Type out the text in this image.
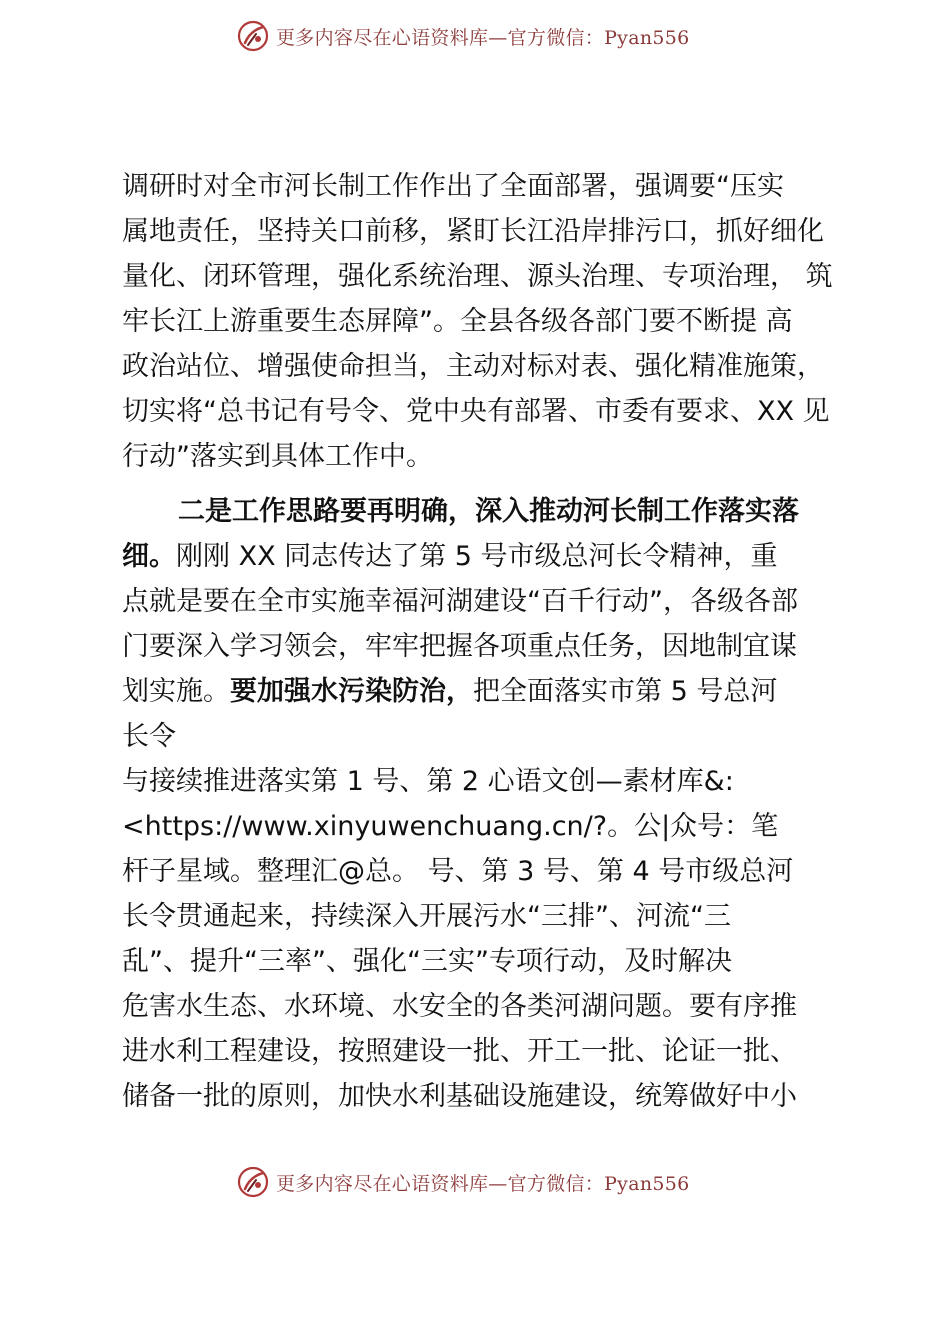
更多内容尽在心语资料库—官方微信：Pyan556
调研时对全市河长制工作作出了全面部署，强调要“压实
属地责任，坚持关口前移，紧盯长江沿岸排污口，抓好细化
量化、闭环管理，强化系统治理、源头治理、专项治理， 筑
牢长江上游重要生态屏障”。全县各级各部门要不断提 高
政治站位、增强使命担当，主动对标对表、强化精准施策，
切实将“总书记有号令、党中央有部署、市委有要求、XX 见
行动”落实到具体工作中。
二是工作思路要再明确，深入推动河长制工作落实落
细。刚刚 XX 同志传达了第 5 号市级总河长令精神，重
点就是要在全市实施幸福河湖建设“百千行动”，各级各部
门要深入学习领会，牢牢把握各项重点任务，因地制宜谋
划实施。要加强水污染防治，把全面落实市第 5 号总河
长令
与接续推进落实第 1 号、第 2 心语文创—素材库&:
<https://www.xinyuwenchuang.cn/?。公|众号：笔
杆子星域。整理汇@总。 号、第 3 号、第 4 号市级总河
长令贯通起来，持续深入开展污水“三排”、河流“三
乱”、提升“三率”、强化“三实”专项行动，及时解决
危害水生态、水环境、水安全的各类河湖问题。要有序推
进水利工程建设，按照建设一批、开工一批、论证一批、
储备一批的原则，加快水利基础设施建设，统筹做好中小
更多内容尽在心语资料库—官方微信：Pyan556
